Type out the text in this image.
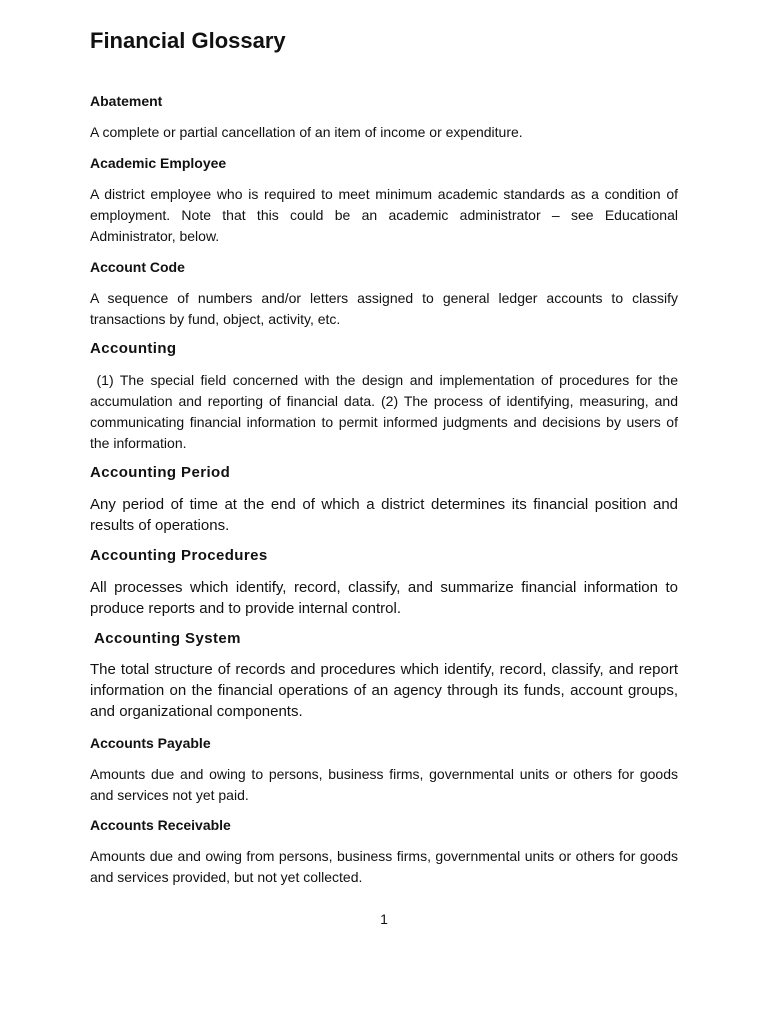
Financial Glossary

Abatement

A complete or partial cancellation of an item of income or expenditure.

Academic Employee

A district employee who is required to meet minimum academic standards as a condition of employment. Note that this could be an academic administrator – see Educational Administrator, below.

Account Code

A sequence of numbers and/or letters assigned to general ledger accounts to classify transactions by fund, object, activity, etc.

Accounting

(1) The special field concerned with the design and implementation of procedures for the accumulation and reporting of financial data. (2) The process of identifying, measuring, and communicating financial information to permit informed judgments and decisions by users of the information.

Accounting Period

Any period of time at the end of which a district determines its financial position and results of operations.

Accounting Procedures

All processes which identify, record, classify, and summarize financial information to produce reports and to provide internal control.

Accounting System

The total structure of records and procedures which identify, record, classify, and report information on the financial operations of an agency through its funds, account groups, and organizational components.

Accounts Payable

Amounts due and owing to persons, business firms, governmental units or others for goods and services not yet paid.

Accounts Receivable

Amounts due and owing from persons, business firms, governmental units or others for goods and services provided, but not yet collected.

1
